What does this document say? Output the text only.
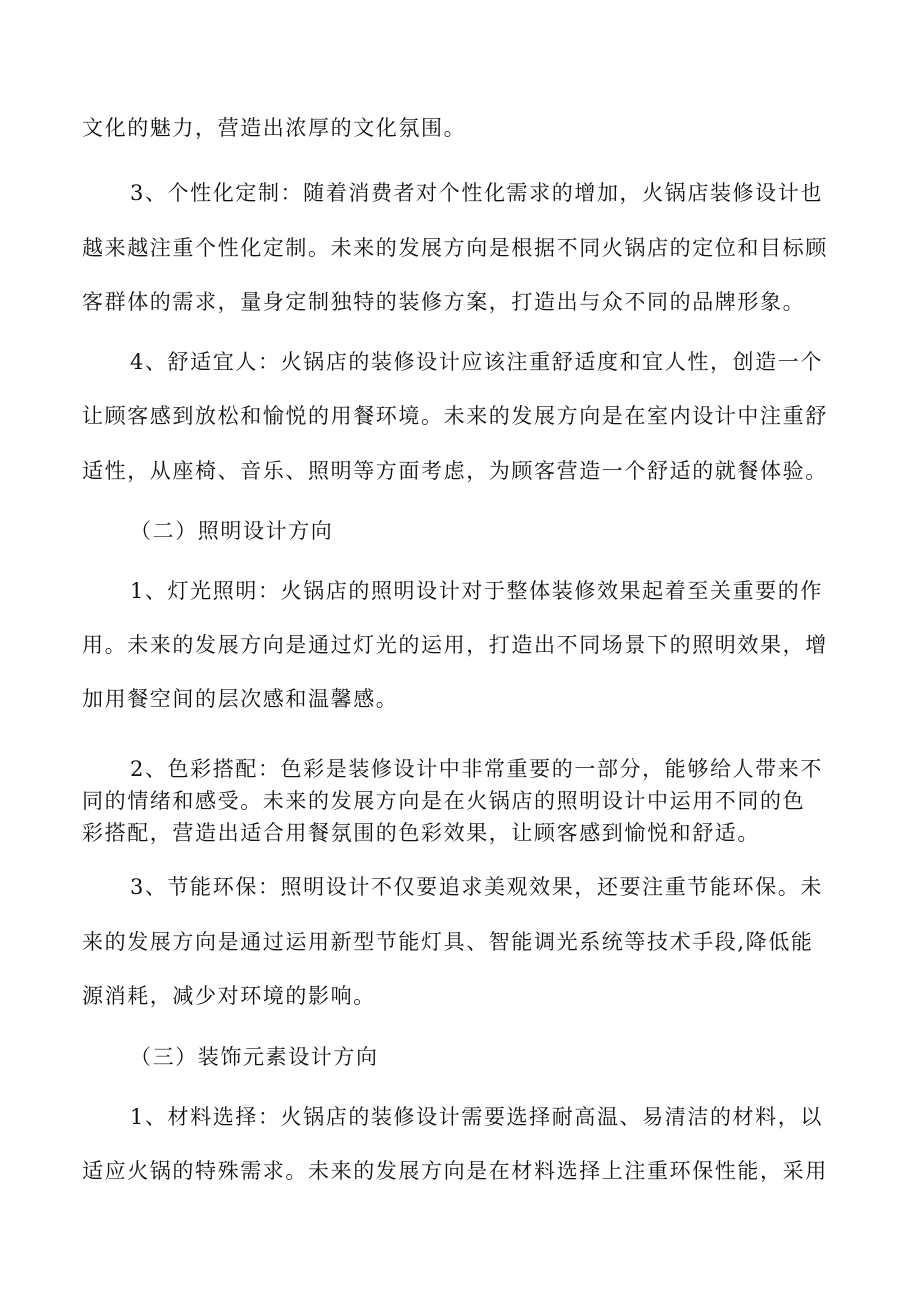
文化的魅力，营造出浓厚的文化氛围。
3、个性化定制：随着消费者对个性化需求的增加，火锅店装修设计也
越来越注重个性化定制。未来的发展方向是根据不同火锅店的定位和目标顾
客群体的需求，量身定制独特的装修方案，打造出与众不同的品牌形象。
4、舒适宜人：火锅店的装修设计应该注重舒适度和宜人性，创造一个
让顾客感到放松和愉悦的用餐环境。未来的发展方向是在室内设计中注重舒
适性，从座椅、音乐、照明等方面考虑，为顾客营造一个舒适的就餐体验。
（二）照明设计方向
1、灯光照明：火锅店的照明设计对于整体装修效果起着至关重要的作
用。未来的发展方向是通过灯光的运用，打造出不同场景下的照明效果，增
加用餐空间的层次感和温馨感。
2、色彩搭配：色彩是装修设计中非常重要的一部分，能够给人带来不
同的情绪和感受。未来的发展方向是在火锅店的照明设计中运用不同的色
彩搭配，营造出适合用餐氛围的色彩效果，让顾客感到愉悦和舒适。
3、节能环保：照明设计不仅要追求美观效果，还要注重节能环保。未
来的发展方向是通过运用新型节能灯具、智能调光系统等技术手段,降低能
源消耗，减少对环境的影响。
（三）装饰元素设计方向
1、材料选择：火锅店的装修设计需要选择耐高温、易清洁的材料，以
适应火锅的特殊需求。未来的发展方向是在材料选择上注重环保性能，采用
